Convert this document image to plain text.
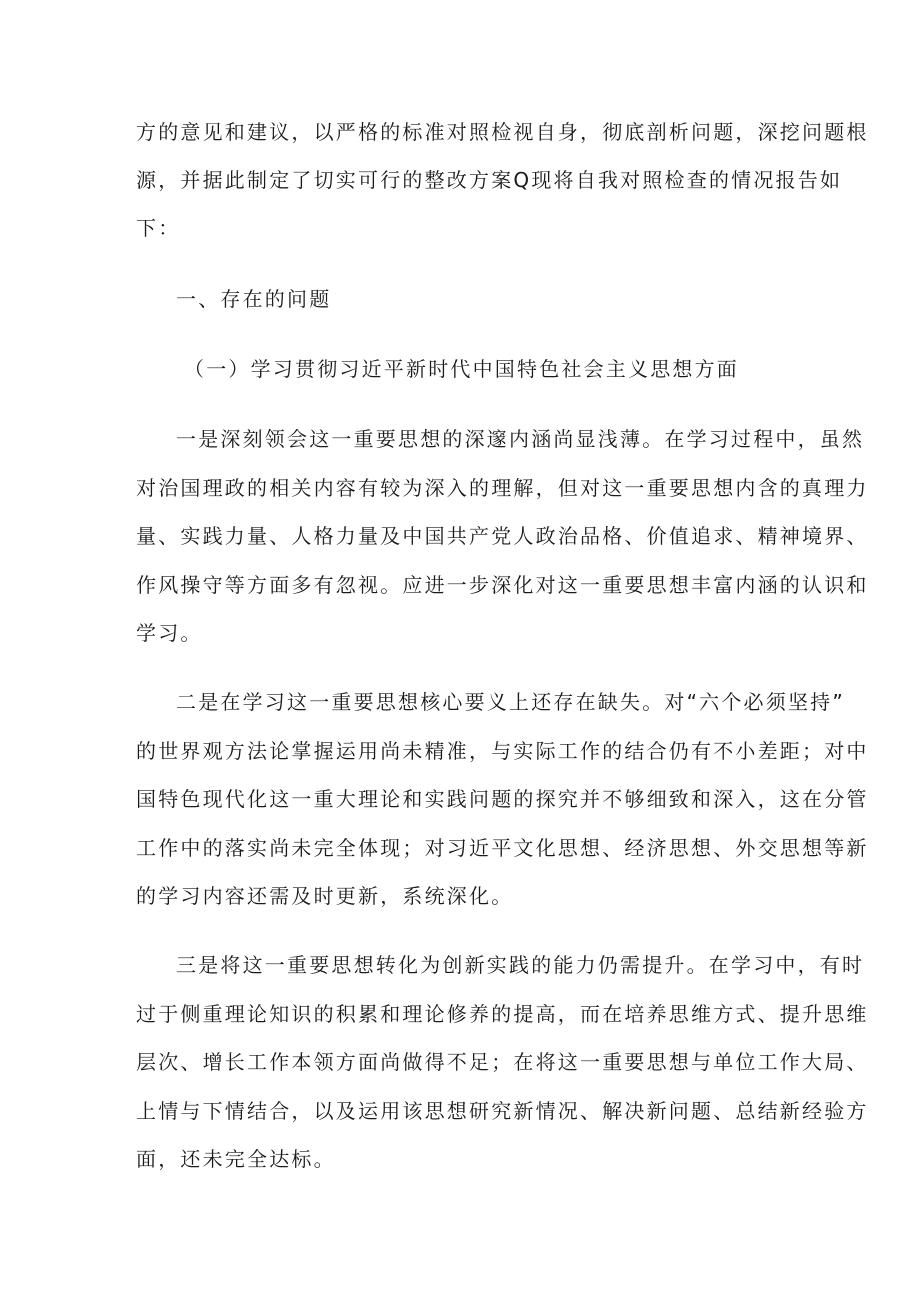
方的意见和建议，以严格的标准对照检视自身，彻底剖析问题，深挖问题根

源，并据此制定了切实可行的整改方案Q现将自我对照检查的情况报告如

下：

一、存在的问题

（一）学习贯彻习近平新时代中国特色社会主义思想方面

一是深刻领会这一重要思想的深邃内涵尚显浅薄。在学习过程中，虽然

对治国理政的相关内容有较为深入的理解，但对这一重要思想内含的真理力

量、实践力量、人格力量及中国共产党人政治品格、价值追求、精神境界、

作风操守等方面多有忽视。应进一步深化对这一重要思想丰富内涵的认识和

学习。

二是在学习这一重要思想核心要义上还存在缺失。对“六个必须坚持”

的世界观方法论掌握运用尚未精准，与实际工作的结合仍有不小差距；对中

国特色现代化这一重大理论和实践问题的探究并不够细致和深入，这在分管

工作中的落实尚未完全体现；对习近平文化思想、经济思想、外交思想等新

的学习内容还需及时更新，系统深化。

三是将这一重要思想转化为创新实践的能力仍需提升。在学习中，有时

过于侧重理论知识的积累和理论修养的提高，而在培养思维方式、提升思维

层次、增长工作本领方面尚做得不足；在将这一重要思想与单位工作大局、

上情与下情结合，以及运用该思想研究新情况、解决新问题、总结新经验方

面，还未完全达标。
